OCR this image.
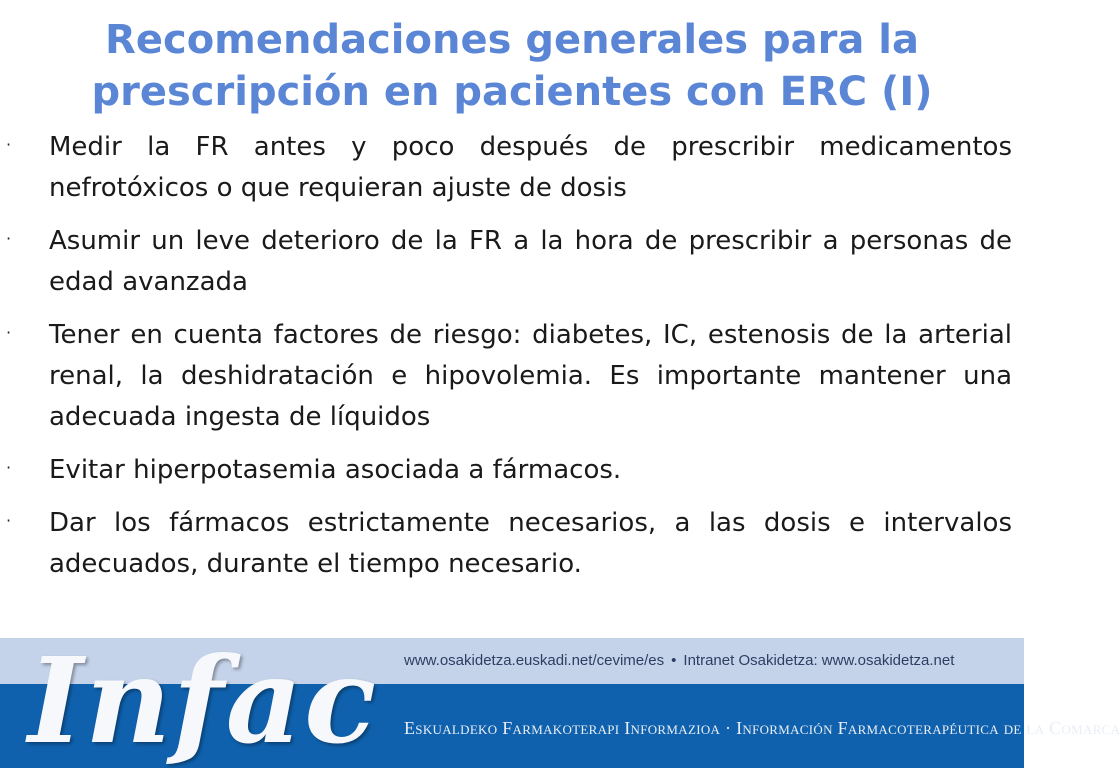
Recomendaciones generales para la
prescripción en pacientes con ERC (I)
· Medir la FR antes y poco después de prescribir medicamentos nefrotóxicos o que requieran ajuste de dosis
· Asumir un leve deterioro de la FR a la hora de prescribir a personas de edad avanzada
· Tener en cuenta factores de riesgo: diabetes, IC, estenosis de la arterial renal, la deshidratación e hipovolemia. Es importante mantener una adecuada ingesta de líquidos
· Evitar hiperpotasemia asociada a fármacos.
· Dar los fármacos estrictamente necesarios, a las dosis e intervalos adecuados, durante el tiempo necesario.
Infac www.osakidetza.euskadi.net/cevime/es • Intranet Osakidetza: www.osakidetza.net
Eskualdeko Farmakoterapi Informazioa · Información Farmacoterapéutica de la Comarca
